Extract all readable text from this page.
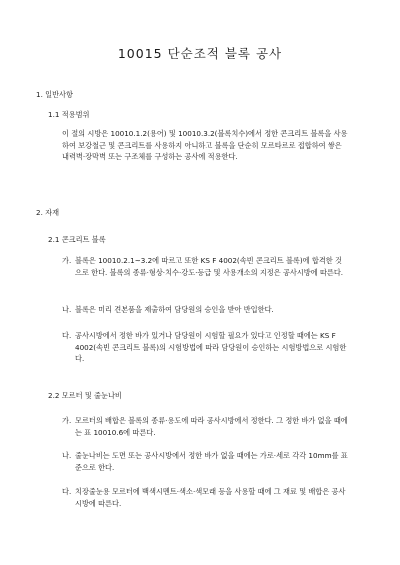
10015 단순조적 블록 공사
1. 일반사항
1.1 적용범위

이 절의 시방은 10010.1.2(용어) 및 10010.3.2(블록치수)에서 정한 콘크리트 블록을 사용하여 보강철근 및 콘크리트를 사용하지 아니하고 블록을 단순히 모르타르로 접합하여 쌓은 내력벽·장막벽 또는 구조체를 구성하는 공사에 적용한다.

2. 자재
2.1 콘크리트 블록
가. 블록은 10010.2.1~3.2에 따르고 또한 KS F 4002(속빈 콘크리트 블록)에 합격한 것으로 한다. 블록의 종류·형상·치수·강도·등급 및 사용개소의 지정은 공사시방에 따른다.
나. 블록은 미리 견본품을 제출하여 담당원의 승인을 받아 반입한다.
다. 공사시방에서 정한 바가 있거나 담당원이 시험할 필요가 있다고 인정할 때에는 KS F 4002(속빈 콘크리트 블록)의 시험방법에 따라 담당원이 승인하는 시험방법으로 시험한다.
2.2 모르터 및 줄눈나비
가. 모르터의 배합은 블록의 종류·용도에 따라 공사시방에서 정한다. 그 정한 바가 없을 때에는 표 10010.6에 따른다.
나. 줄눈나비는 도면 또는 공사시방에서 정한 바가 없을 때에는 가로·세로 각각 10mm를 표준으로 한다.
다. 치장줄눈용 모르터에 백색시멘트·색소·색모래 등을 사용할 때에 그 재료 및 배합은 공사시방에 따른다.
